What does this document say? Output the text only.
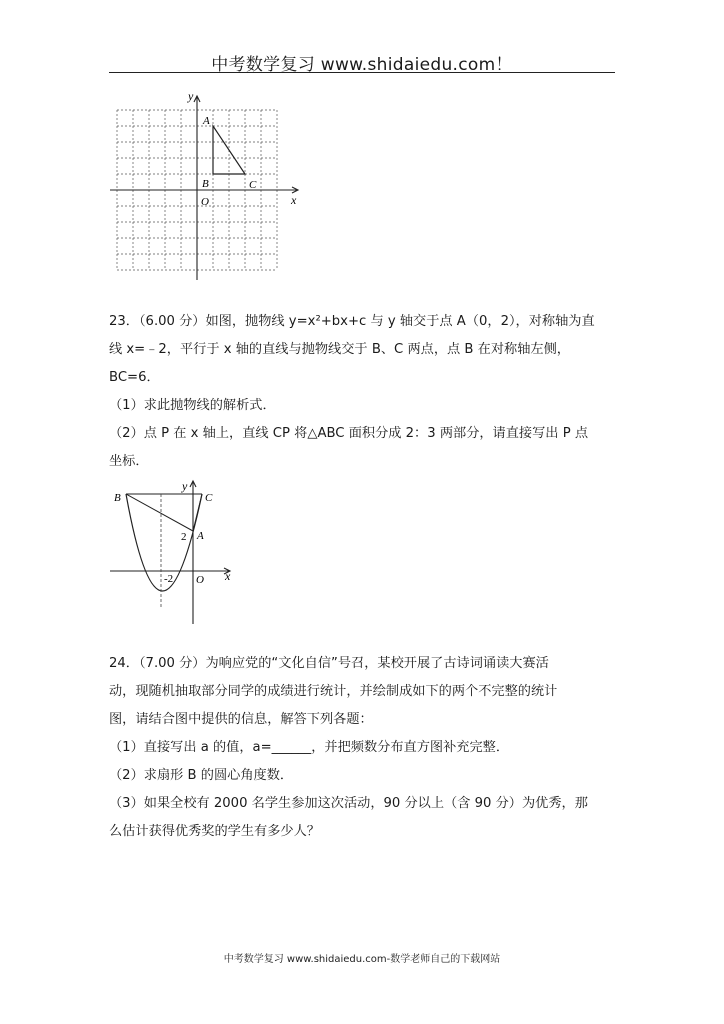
中考数学复习 www.shidaiedu.com！
y
x
A
B	C
O
23．（6.00 分）如图，抛物线 y=x²+bx+c 与 y 轴交于点 A（0，2），对称轴为直
线 x=﹣2，平行于 x 轴的直线与抛物线交于 B、C 两点，点 B 在对称轴左侧，
BC=6．
（1）求此抛物线的解析式．
（2）点 P 在 x 轴上，直线 CP 将△ABC 面积分成 2：3 两部分，请直接写出 P 点
坐标．
B
y
C
2 A
-2 O x
24．（7.00 分）为响应党的“文化自信”号召，某校开展了古诗词诵读大赛活
动，现随机抽取部分同学的成绩进行统计，并绘制成如下的两个不完整的统计
图，请结合图中提供的信息，解答下列各题：
（1）直接写出 a 的值，a=______，并把频数分布直方图补充完整．
（2）求扇形 B 的圆心角度数．
（3）如果全校有 2000 名学生参加这次活动，90 分以上（含 90 分）为优秀，那
么估计获得优秀奖的学生有多少人？
中考数学复习 www.shidaiedu.com-数学老师自己的下载网站
